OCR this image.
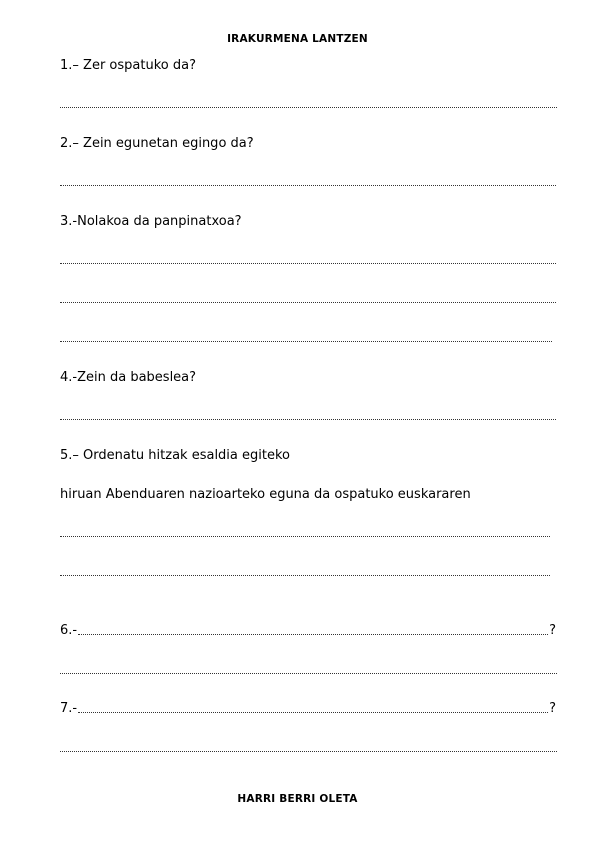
IRAKURMENA LANTZEN
1.– Zer ospatuko da?
2.– Zein egunetan egingo da?
3.-Nolakoa da panpinatxoa?
4.-Zein da babeslea?
5.– Ordenatu hitzak esaldia egiteko
hiruan Abenduaren nazioarteko eguna da ospatuko euskararen
6.-	?
7.-	?
HARRI BERRI OLETA
